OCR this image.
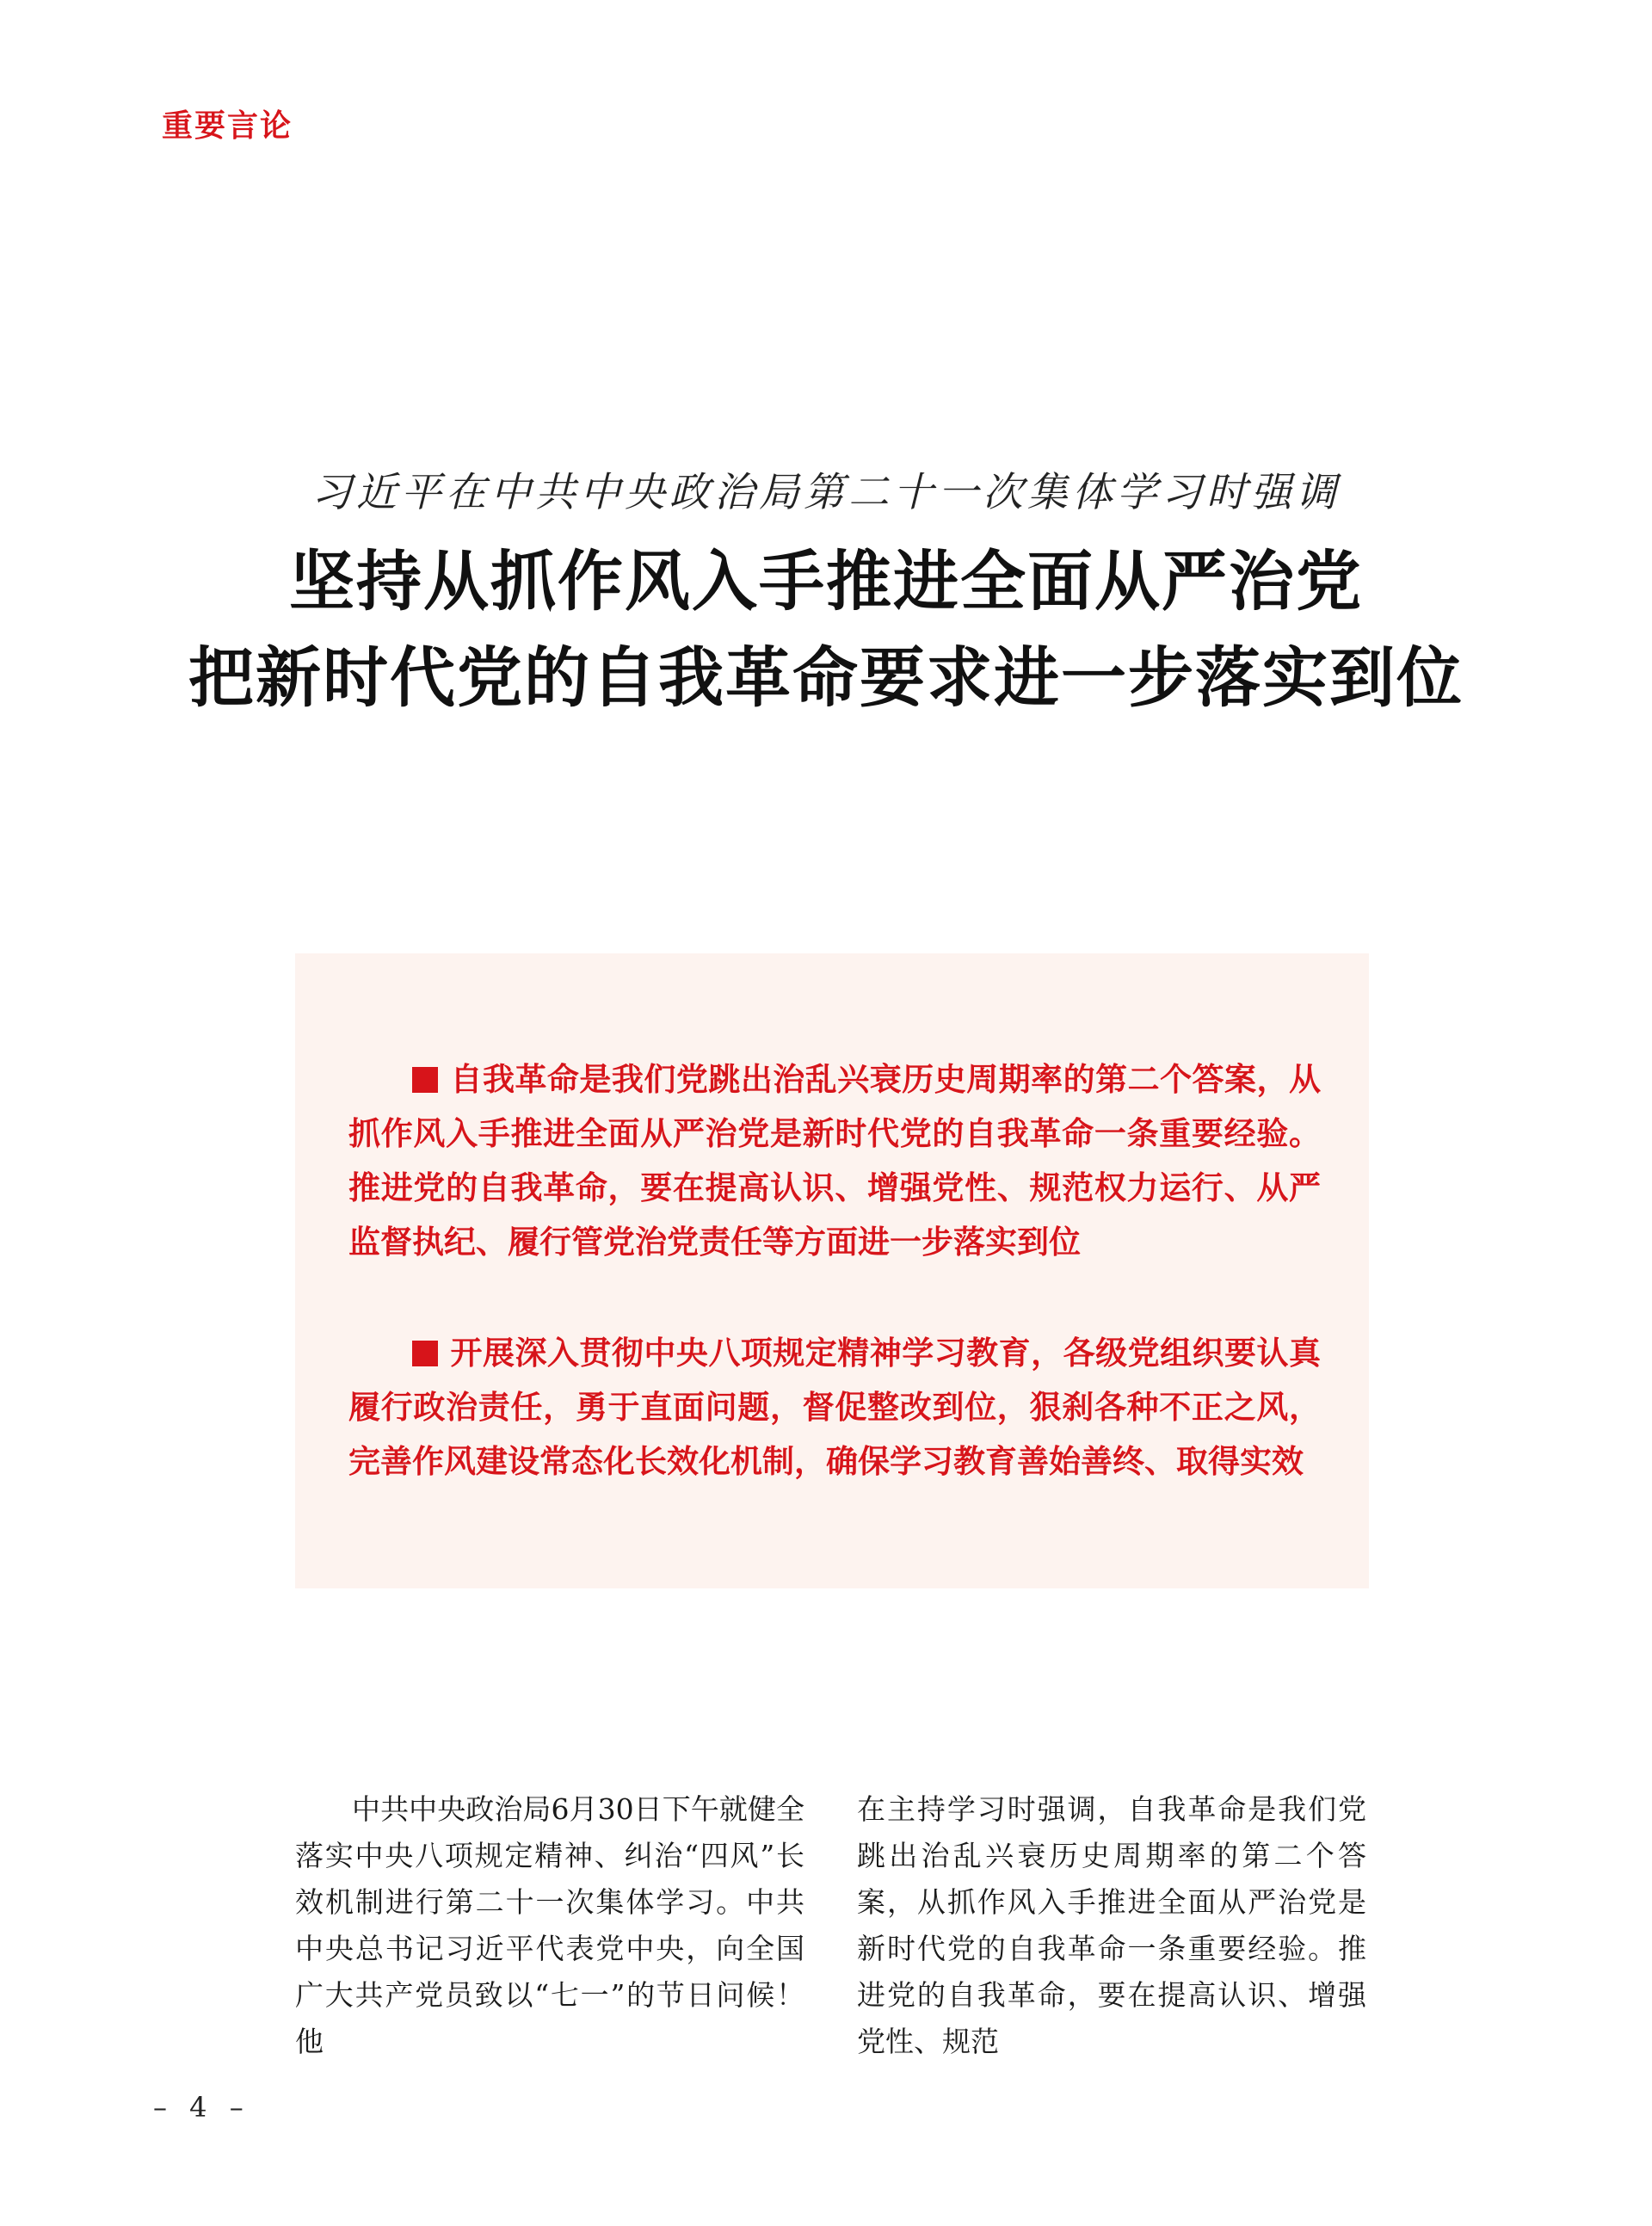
重要言论
习近平在中共中央政治局第二十一次集体学习时强调
坚持从抓作风入手推进全面从严治党
把新时代党的自我革命要求进一步落实到位
自我革命是我们党跳出治乱兴衰历史周期率的第二个答案，从抓作风入手推进全面从严治党是新时代党的自我革命一条重要经验。推进党的自我革命，要在提高认识、增强党性、规范权力运行、从严监督执纪、履行管党治党责任等方面进一步落实到位
开展深入贯彻中央八项规定精神学习教育，各级党组织要认真履行政治责任，勇于直面问题，督促整改到位，狠刹各种不正之风，完善作风建设常态化长效化机制，确保学习教育善始善终、取得实效
中共中央政治局6月30日下午就健全落实中央八项规定精神、纠治“四风”长效机制进行第二十一次集体学习。中共中央总书记习近平代表党中央，向全国广大共产党员致以“七一”的节日问候！他
在主持学习时强调，自我革命是我们党跳出治乱兴衰历史周期率的第二个答案，从抓作风入手推进全面从严治党是新时代党的自我革命一条重要经验。推进党的自我革命，要在提高认识、增强党性、规范
– 4 –
